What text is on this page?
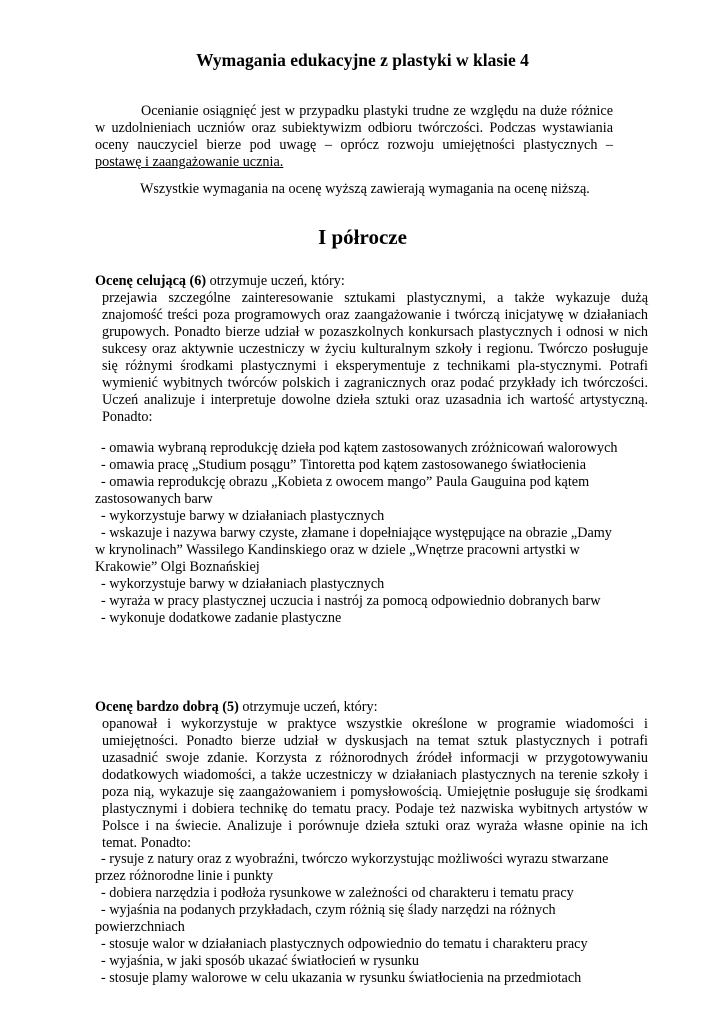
Wymagania edukacyjne z plastyki w klasie 4

Ocenianie osiągnięć jest w przypadku plastyki trudne ze względu na duże różnice w uzdolnieniach uczniów oraz subiektywizm odbioru twórczości. Podczas wystawiania oceny nauczyciel bierze pod uwagę – oprócz rozwoju umiejętności plastycznych – postawę i zaangażowanie ucznia.

Wszystkie wymagania na ocenę wyższą zawierają wymagania na ocenę niższą.

I półrocze

Ocenę celującą (6) otrzymuje uczeń, który:

przejawia szczególne zainteresowanie sztukami plastycznymi, a także wykazuje dużą znajomość treści poza programowych oraz zaangażowanie i twórczą inicjatywę w działaniach grupowych. Ponadto bierze udział w pozaszkolnych konkursach plastycznych i odnosi w nich sukcesy oraz aktywnie uczestniczy w życiu kulturalnym szkoły i regionu. Twórczo posługuje się różnymi środkami plastycznymi i eksperymentuje z technikami pla-stycznymi. Potrafi wymienić wybitnych twórców polskich i zagranicznych oraz podać przykłady ich twórczości. Uczeń analizuje i interpretuje dowolne dzieła sztuki oraz uzasadnia ich wartość artystyczną. Ponadto:

- omawia wybraną reprodukcję dzieła pod kątem zastosowanych zróżnicowań walorowych
- omawia pracę „Studium posągu” Tintoretta pod kątem zastosowanego światłocienia
- omawia reprodukcję obrazu „Kobieta z owocem mango” Paula Gauguina pod kątem zastosowanych barw
- wykorzystuje barwy w działaniach plastycznych
- wskazuje i nazywa barwy czyste, złamane i dopełniające występujące na obrazie „Damy w krynolinach” Wassilego Kandinskiego oraz w dziele „Wnętrze pracowni artystki w Krakowie” Olgi Boznańskiej
- wykorzystuje barwy w działaniach plastycznych
- wyraża w pracy plastycznej uczucia i nastrój za pomocą odpowiednio dobranych barw
- wykonuje dodatkowe zadanie plastyczne

Ocenę bardzo dobrą (5) otrzymuje uczeń, który:

opanował i wykorzystuje w praktyce wszystkie określone w programie wiadomości i umiejętności. Ponadto bierze udział w dyskusjach na temat sztuk plastycznych i potrafi uzasadnić swoje zdanie. Korzysta z różnorodnych źródeł informacji w przygotowywaniu dodatkowych wiadomości, a także uczestniczy w działaniach plastycznych na terenie szkoły i poza nią, wykazuje się zaangażowaniem i pomysłowością. Umiejętnie posługuje się środkami plastycznymi i dobiera technikę do tematu pracy. Podaje też nazwiska wybitnych artystów w Polsce i na świecie. Analizuje i porównuje dzieła sztuki oraz wyraża własne opinie na ich temat. Ponadto:

- rysuje z natury oraz z wyobraźni, twórczo wykorzystując możliwości wyrazu stwarzane przez różnorodne linie i punkty
- dobiera narzędzia i podłoża rysunkowe w zależności od charakteru i tematu pracy
- wyjaśnia na podanych przykładach, czym różnią się ślady narzędzi na różnych powierzchniach
- stosuje walor w działaniach plastycznych odpowiednio do tematu i charakteru pracy
- wyjaśnia, w jaki sposób ukazać światłocień w rysunku
- stosuje plamy walorowe w celu ukazania w rysunku światłocienia na przedmiotach
